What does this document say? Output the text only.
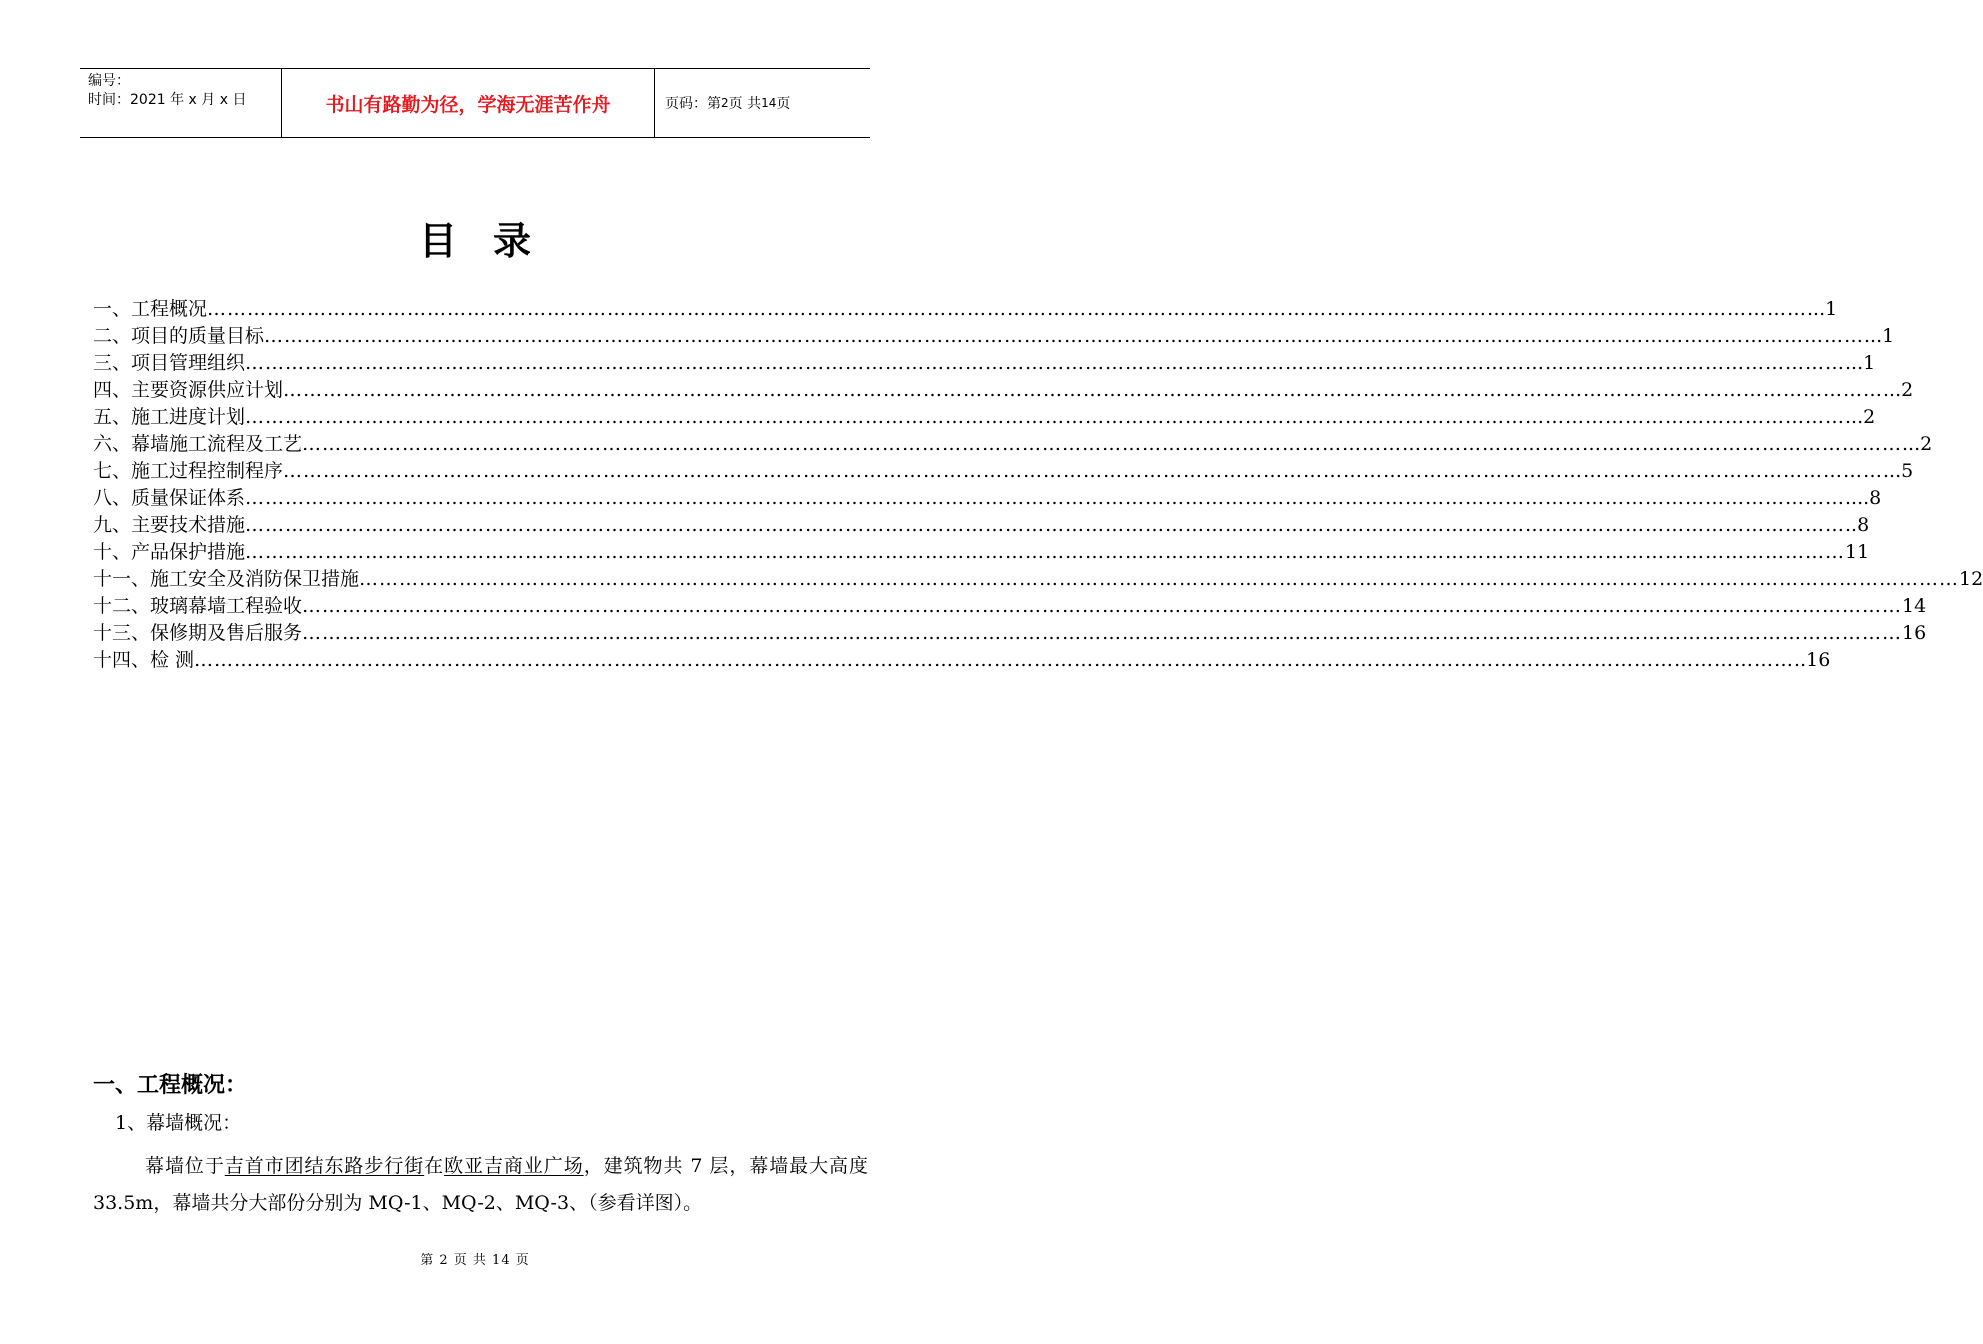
编号：
时间：2021 年 x 月 x 日	书山有路勤为径，学海无涯苦作舟	页码：第 2 页 共 14 页
目录
一、工程概况 …………………………………………………………………………………………………………………………………………………………………………………………………………………… ...1
二、项目的质量目标 …………………………………………………………………………………………………………………………………………………………………………………………………………………… ...1
三、项目管理组织 …………………………………………………………………………………………………………………………………………………………………………………………………………………… ...1
四、主要资源供应计划 …………………………………………………………………………………………………………………………………………………………………………………………………………………… ...2
五、施工进度计划 …………………………………………………………………………………………………………………………………………………………………………………………………………………… ...2
六、幕墙施工流程及工艺 …………………………………………………………………………………………………………………………………………………………………………………………………………………… ...2
七、施工过程控制程序 …………………………………………………………………………………………………………………………………………………………………………………………………………………… ...5
八、质量保证体系 …………………………………………………………………………………………………………………………………………………………………………………………………………………… ....8
九、主要技术措施 …………………………………………………………………………………………………………………………………………………………………………………………………………………… ..8
十、产品保护措施 …………………………………………………………………………………………………………………………………………………………………………………………………………………… 11
十一、施工安全及消防保卫措施 …………………………………………………………………………………………………………………………………………………………………………………………………………………… 12
十二、玻璃幕墙工程验收 …………………………………………………………………………………………………………………………………………………………………………………………………………………… 14
十三、保修期及售后服务 …………………………………………………………………………………………………………………………………………………………………………………………………………………… 16
十四、检 测 …………………………………………………………………………………………………………………………………………………………………………………………………………………… ..16
一、工程概况：
1、幕墙概况：
幕墙位于吉首市团结东路步行街在欧亚吉商业广场，建筑物共 7 层，幕墙最大高度 33.5m，幕墙共分大部份分别为 MQ-1、MQ-2、MQ-3、（参看详图）。
第 2 页 共 14 页
